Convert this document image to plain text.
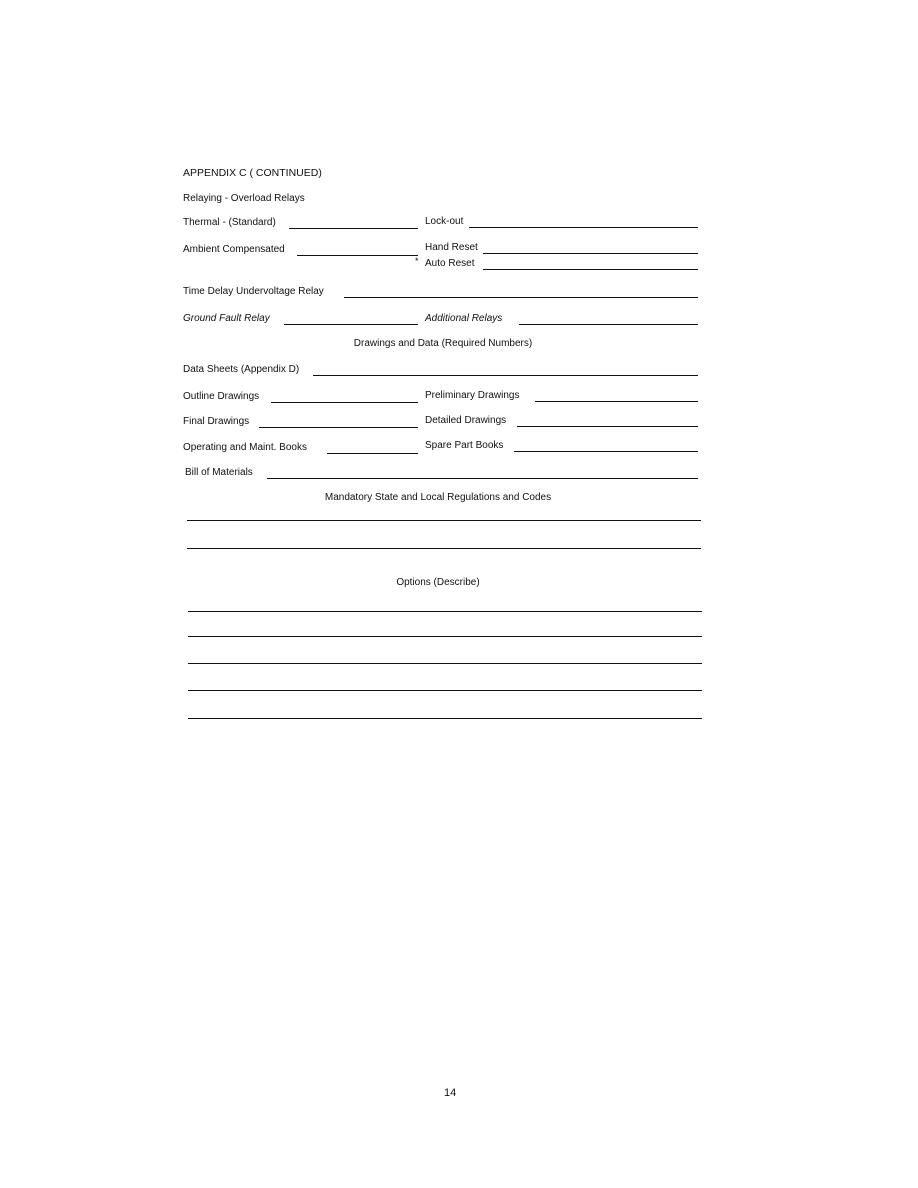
APPENDIX C ( CONTINUED)
Relaying - Overload Relays
Thermal - (Standard)	Lock-out
Ambient Compensated	Hand Reset
* Auto Reset
Time Delay Undervoltage Relay
Ground Fault Relay	Additional Relays
Drawings and Data (Required Numbers)
Data Sheets (Appendix D)
Outline Drawings	Preliminary Drawings
Final Drawings	Detailed Drawings
Operating and Maint. Books	Spare Part Books
Bill of Materials
Mandatory State and Local Regulations and Codes
Options (Describe)
14
